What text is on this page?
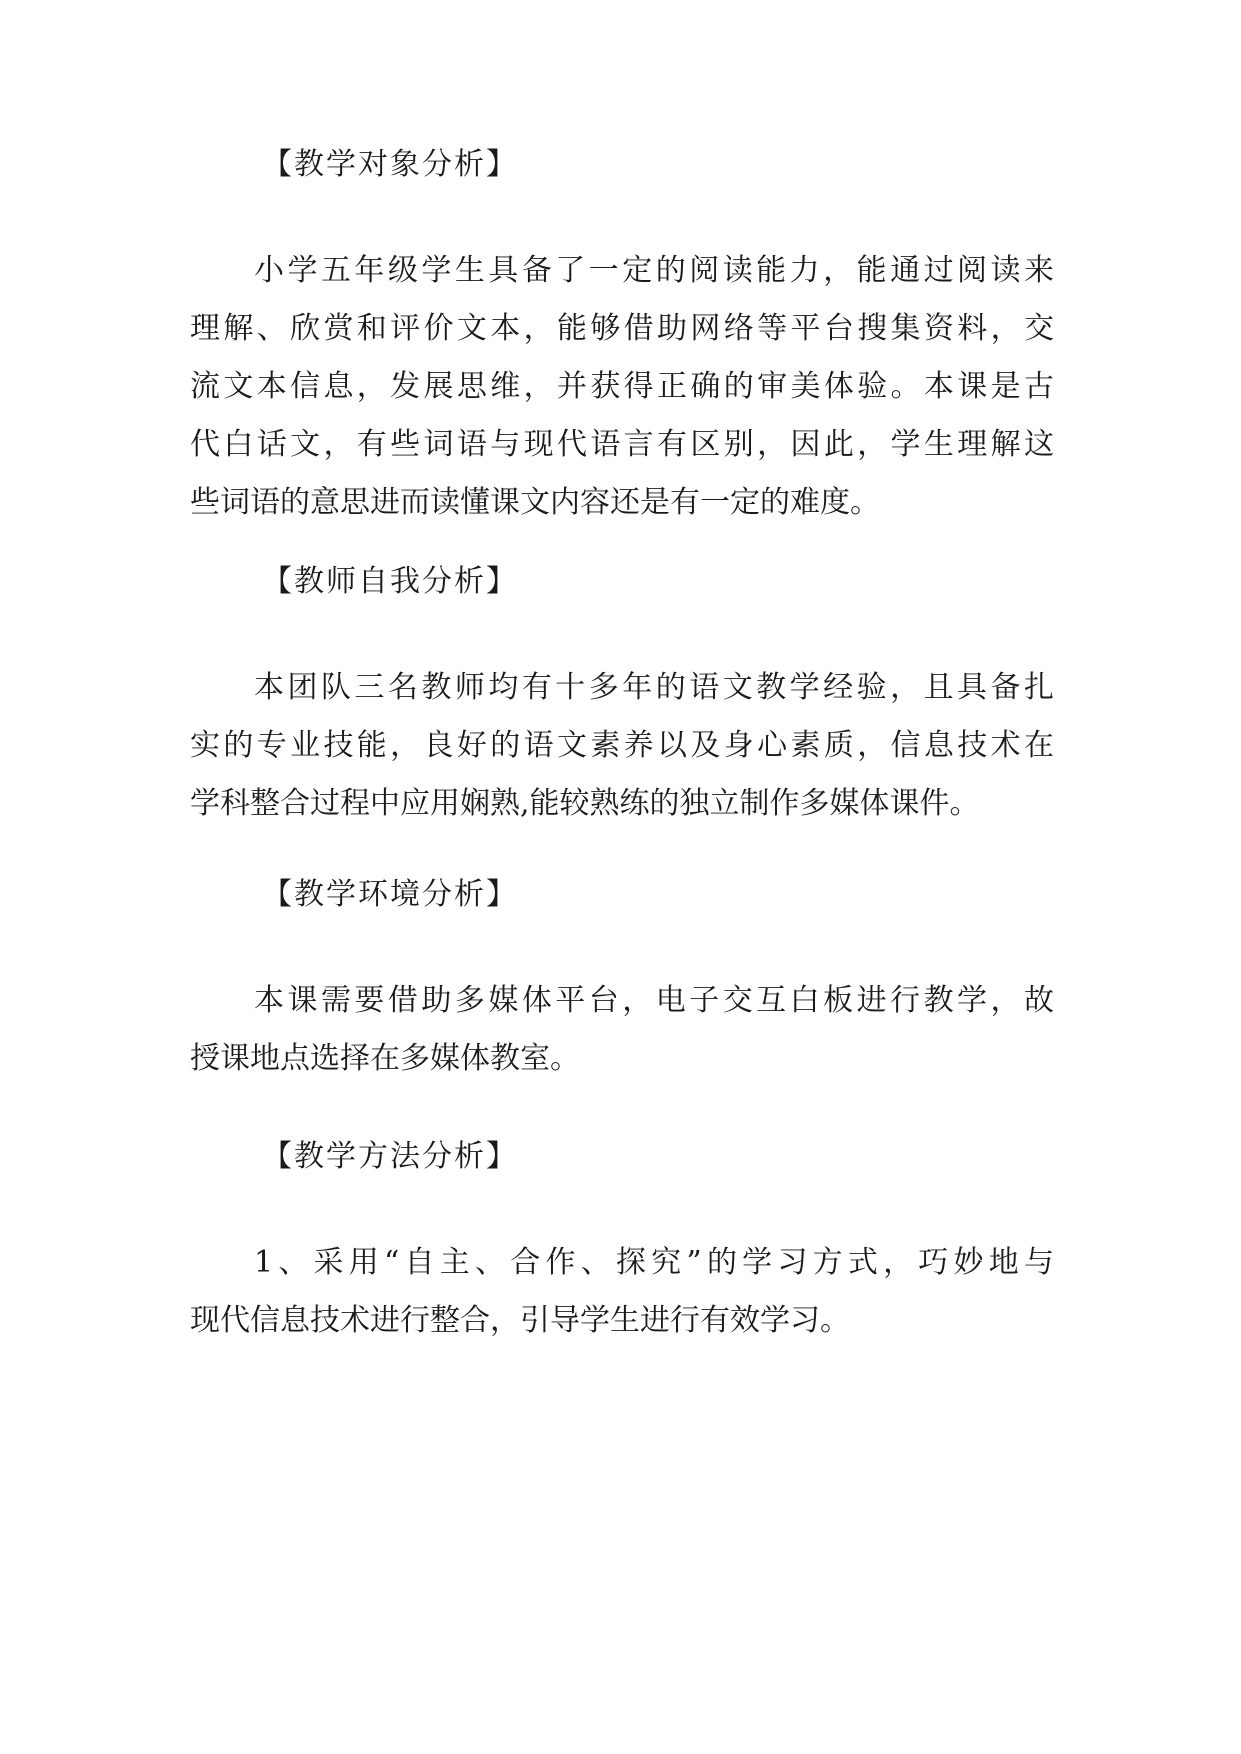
【教学对象分析】
小学五年级学生具备了一定的阅读能力，能通过阅读来
理解、欣赏和评价文本，能够借助网络等平台搜集资料，交
流文本信息，发展思维，并获得正确的审美体验。本课是古
代白话文，有些词语与现代语言有区别，因此，学生理解这
些词语的意思进而读懂课文内容还是有一定的难度。
【教师自我分析】
本团队三名教师均有十多年的语文教学经验，且具备扎
实的专业技能，良好的语文素养以及身心素质，信息技术在
学科整合过程中应用娴熟,能较熟练的独立制作多媒体课件。
【教学环境分析】
本课需要借助多媒体平台，电子交互白板进行教学，故
授课地点选择在多媒体教室。
【教学方法分析】
1、采用“自主、合作、探究”的学习方式，巧妙地与
现代信息技术进行整合，引导学生进行有效学习。
